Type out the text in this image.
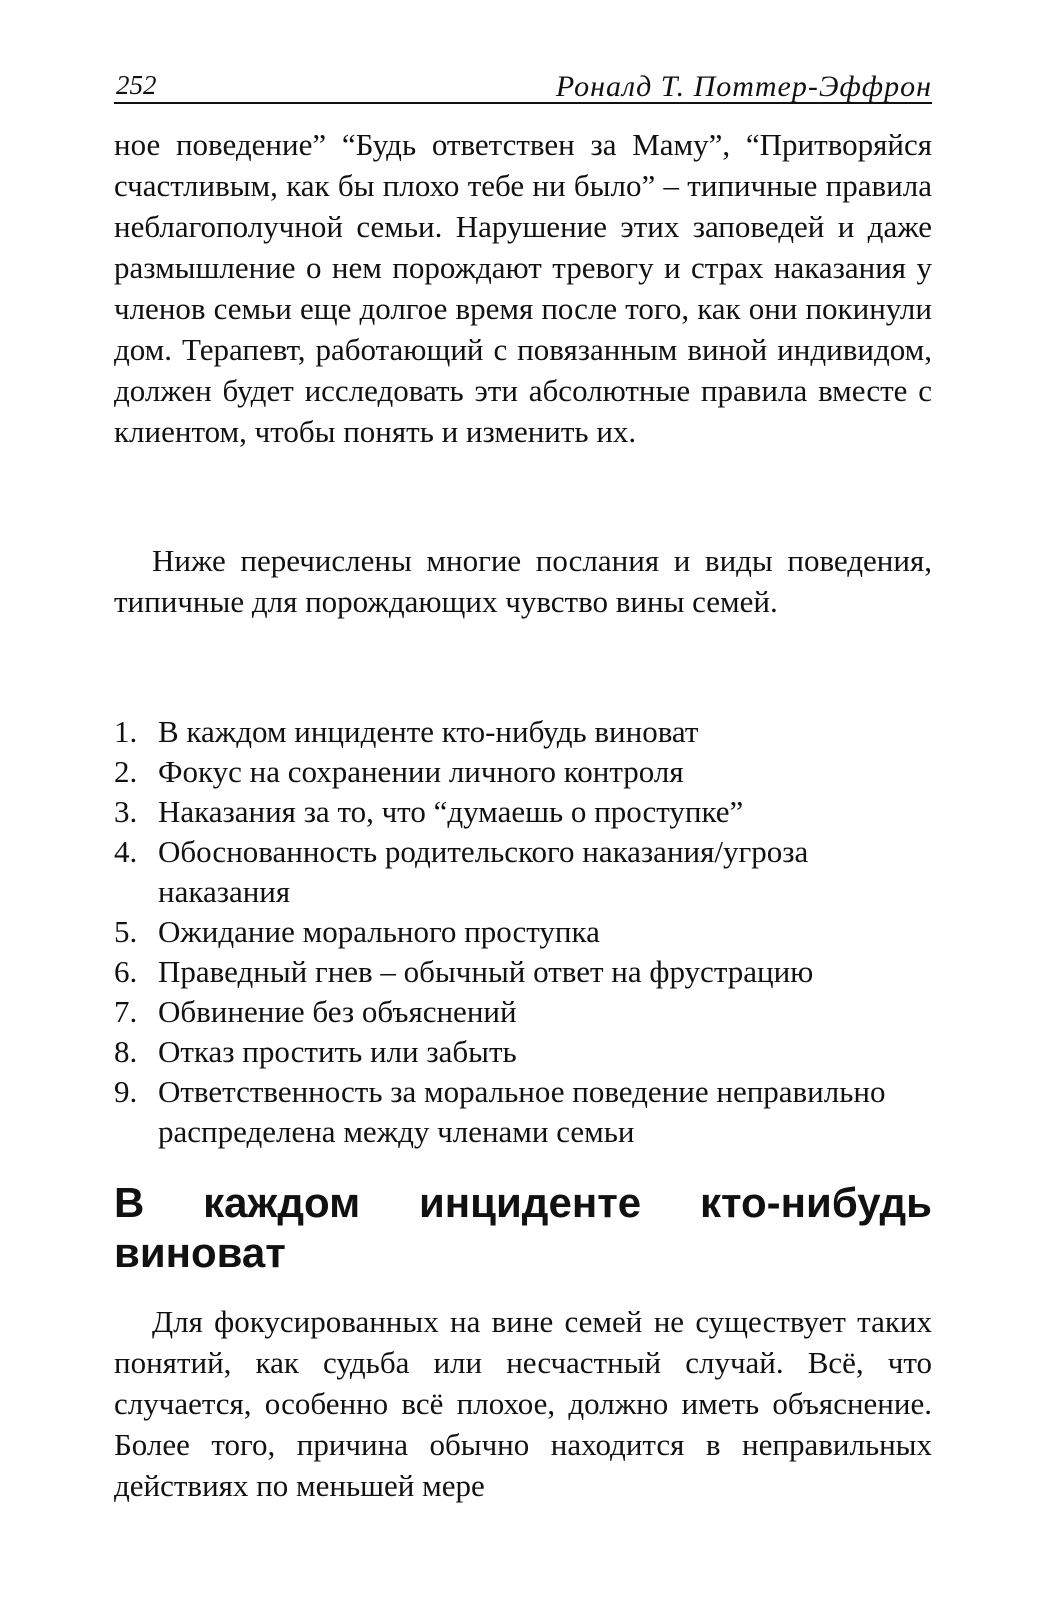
252	Роналд Т. Поттер-Эффрон

ное поведение” “Будь ответствен за Маму”, “Притворяйся счастливым, как бы плохо тебе ни было” – типичные правила неблагополучной семьи. Нарушение этих заповедей и даже размышление о нем порождают тревогу и страх наказания у членов семьи еще долгое время после того, как они покинули дом. Терапевт, работающий с повязанным виной индивидом, должен будет исследовать эти абсолютные правила вместе с клиентом, чтобы понять и изменить их.

Ниже перечислены многие послания и виды поведения, типичные для порождающих чувство вины семей.

1. В каждом инциденте кто-нибудь виноват
2. Фокус на сохранении личного контроля
3. Наказания за то, что “думаешь о проступке”
4. Обоснованность родительского наказания/угроза наказания
5. Ожидание морального проступка
6. Праведный гнев – обычный ответ на фрустрацию
7. Обвинение без объяснений
8. Отказ простить или забыть
9. Ответственность за моральное поведение неправильно распределена между членами семьи
В каждом инциденте кто-нибудь виноват

Для фокусированных на вине семей не существует таких понятий, как судьба или несчастный случай. Всё, что случается, особенно всё плохое, должно иметь объяснение. Более того, причина обычно находится в неправильных действиях по меньшей мере
